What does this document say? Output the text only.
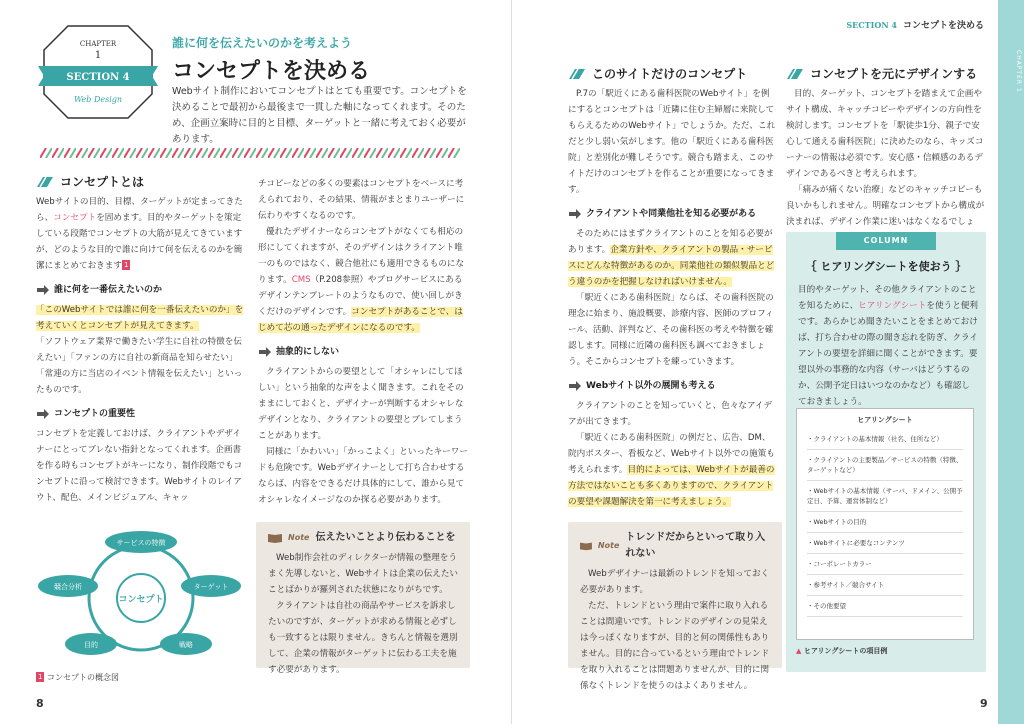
CHAPTER
1
SECTION 4
Web Design
誰に何を伝えたいのかを考えよう
コンセプトを決める
Webサイト制作においてコンセプトはとても重要です。コンセプトを決めることで最初から最後まで一貫した軸になってくれます。そのため、企画立案時に目的と目標、ターゲットと一緒に考えておく必要があります。
コンセプトとは

Webサイトの目的、目標、ターゲットが定まってきたら、コンセプトを固めます。目的やターゲットを策定している段階でコンセプトの大筋が見えてきていますが、どのような目的で誰に向けて何を伝えるのかを簡潔にまとめておきます 1

誰に何を一番伝えたいのか

「このWebサイトでは誰に何を一番伝えたいのか」を考えていくとコンセプトが見えてきます。

「ソフトウェア業界で働きたい学生に自社の特徴を伝えたい」「ファンの方に自社の新商品を知らせたい」「常連の方に当店のイベント情報を伝えたい」といったものです。

コンセプトの重要性

コンセプトを定義しておけば、クライアントやデザイナーにとってブレない指針となってくれます。企画書を作る時もコンセプトがキーになり、制作段階でもコンセプトに沿って検討できます。Webサイトのレイアウト、配色、メインビジュアル、キャッ

チコピーなどの多くの要素はコンセプトをベースに考えられており、その結果、情報がまとまりユーザーに伝わりやすくなるのです。

優れたデザイナーならコンセプトがなくても相応の形にしてくれますが、そのデザインはクライアント唯一のものではなく、競合他社にも適用できるものになります。CMS（P.208参照）やブログサービスにあるデザインテンプレートのようなもので、使い回しがきくだけのデザインです。コンセプトがあることで、はじめて芯の通ったデザインになるのです。

抽象的にしない

クライアントからの要望として「オシャレにしてほしい」という抽象的な声をよく聞きます。これをそのままにしておくと、デザイナーが判断するオシャレなデザインとなり、クライアントの要望とブレてしまうことがあります。

同様に「かわいい」「かっこよく」といったキーワードも危険です。Webデザイナーとして打ち合わせするならば、内容をできるだけ具体的にして、誰から見てオシャレなイメージなのか探る必要があります。

Note 伝えたいことより伝わることを

Web制作会社のディレクターが情報の整理をうまく先導しないと、Webサイトは企業の伝えたいことばかりが羅列された状態になりがちです。

クライアントは自社の商品やサービスを訴求したいのですが、ターゲットが求める情報と必ずしも一致するとは限りません。きちんと情報を選別して、企業の情報がターゲットに伝わる工夫を施す必要があります。

コンセプト
サービスの特徴
ターゲット
戦略
目的
競合分析
1 コンセプトの概念図
8
SECTION 4 コンセプトを決める
CHAPTER 1
このサイトだけのコンセプト

P.7の「駅近くにある歯科医院のWebサイト」を例にするとコンセプトは「近隣に住む主婦層に来院してもらえるためのWebサイト」でしょうか。ただ、これだと少し弱い気がします。他の「駅近くにある歯科医院」と差別化が難しそうです。競合も踏まえ、このサイトだけのコンセプトを作ることが重要になってきます。

クライアントや同業他社を知る必要がある

そのためにはまずクライアントのことを知る必要があります。企業方針や、クライアントの製品・サービスにどんな特徴があるのか。同業他社の類似製品とどう違うのかを把握しなければいけません。

「駅近くにある歯科医院」ならば、その歯科医院の理念に始まり、施設概要、診療内容、医師のプロフィール、活動、評判など、その歯科医の考えや特徴を確認します。同様に近隣の歯科医も調べておきましょう。そこからコンセプトを練っていきます。

Webサイト以外の展開も考える

クライアントのことを知っていくと、色々なアイデアが出てきます。

「駅近くにある歯科医院」の例だと、広告、DM、院内ポスター、看板など、Webサイト以外での施策も考えられます。目的によっては、Webサイトが最善の方法ではないことも多くありますので、クライアントの要望や課題解決を第一に考えましょう。

Note
トレンドだからといって取り入れない

Webデザイナーは最新のトレンドを知っておく必要があります。

ただ、トレンドという理由で案件に取り入れることは間違いです。トレンドのデザインの見栄えは今っぽくなりますが、目的と何の関係性もありません。目的に合っているという理由でトレンドを取り入れることは問題ありませんが、目的に関係なくトレンドを使うのはよくありません。

コンセプトを元にデザインする

目的、ターゲット、コンセプトを踏まえて企画やサイト構成、キャッチコピーやデザインの方向性を検討します。コンセプトを「駅徒歩1分、親子で安心して通える歯科医院」に決めたのなら、キッズコーナーの情報は必須です。安心感・信頼感のあるデザインであるべきと考えられます。

「痛みが痛くない治療」などのキャッチコピーも良いかもしれません。明確なコンセプトから構成が決まれば、デザイン作業に迷いはなくなるでしょ

COLUMN
｛ ヒアリングシートを使おう ｝
目的やターゲット、その他クライアントのことを知るために、ヒアリングシートを使うと便利です。あらかじめ聞きたいことをまとめておけば、打ち合わせの際の聞き忘れを防ぎ、クライアントの要望を詳細に聞くことができます。要望以外の事務的な内容（サーバはどうするのか、公開予定日はいつなのかなど）も確認しておきましょう。
ヒアリングシート
・クライアントの基本情報（社名、住所など）
・クライアントの主要製品／サービスの特徴（特徴、ターゲットなど）
・Webサイトの基本情報（サーバ、ドメイン、公開予定日、予算、運営体制など）
・Webサイトの目的
・Webサイトに必要なコンテンツ
・コーポレートカラー
・参考サイト／競合サイト
・その他要望
▲ ヒアリングシートの項目例
9
